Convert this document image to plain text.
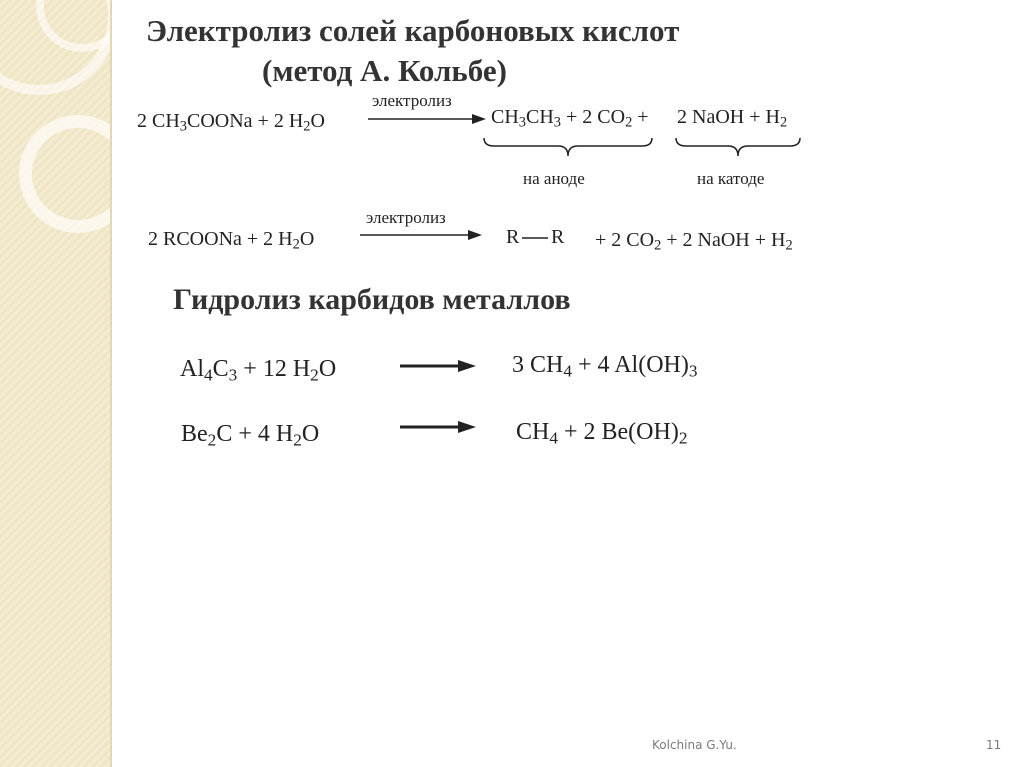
Электролиз солей карбоновых кислот
(метод А. Кольбе)
2 $CH_3COONa + 2$ $H_2O$
электролиз
$CH_3CH_3 + 2$ $CO_2 + 2$ NaOH + $H_2$
на аноде	на катоде
2 RCOONa + 2 $H_2O$
электролиз
R R + 2 $CO_2 + 2$ NaOH + $H_2$
Гидролиз карбидов металлов
$Al_4C_3 + 12$ $H_2O$	3 $CH_4 + 4$ $Al(OH)_3$
$Be_2C + 4$ $H_2O$	$CH_4 + 2$ $Be(OH)_2$
Kolchina G.Yu.	11
